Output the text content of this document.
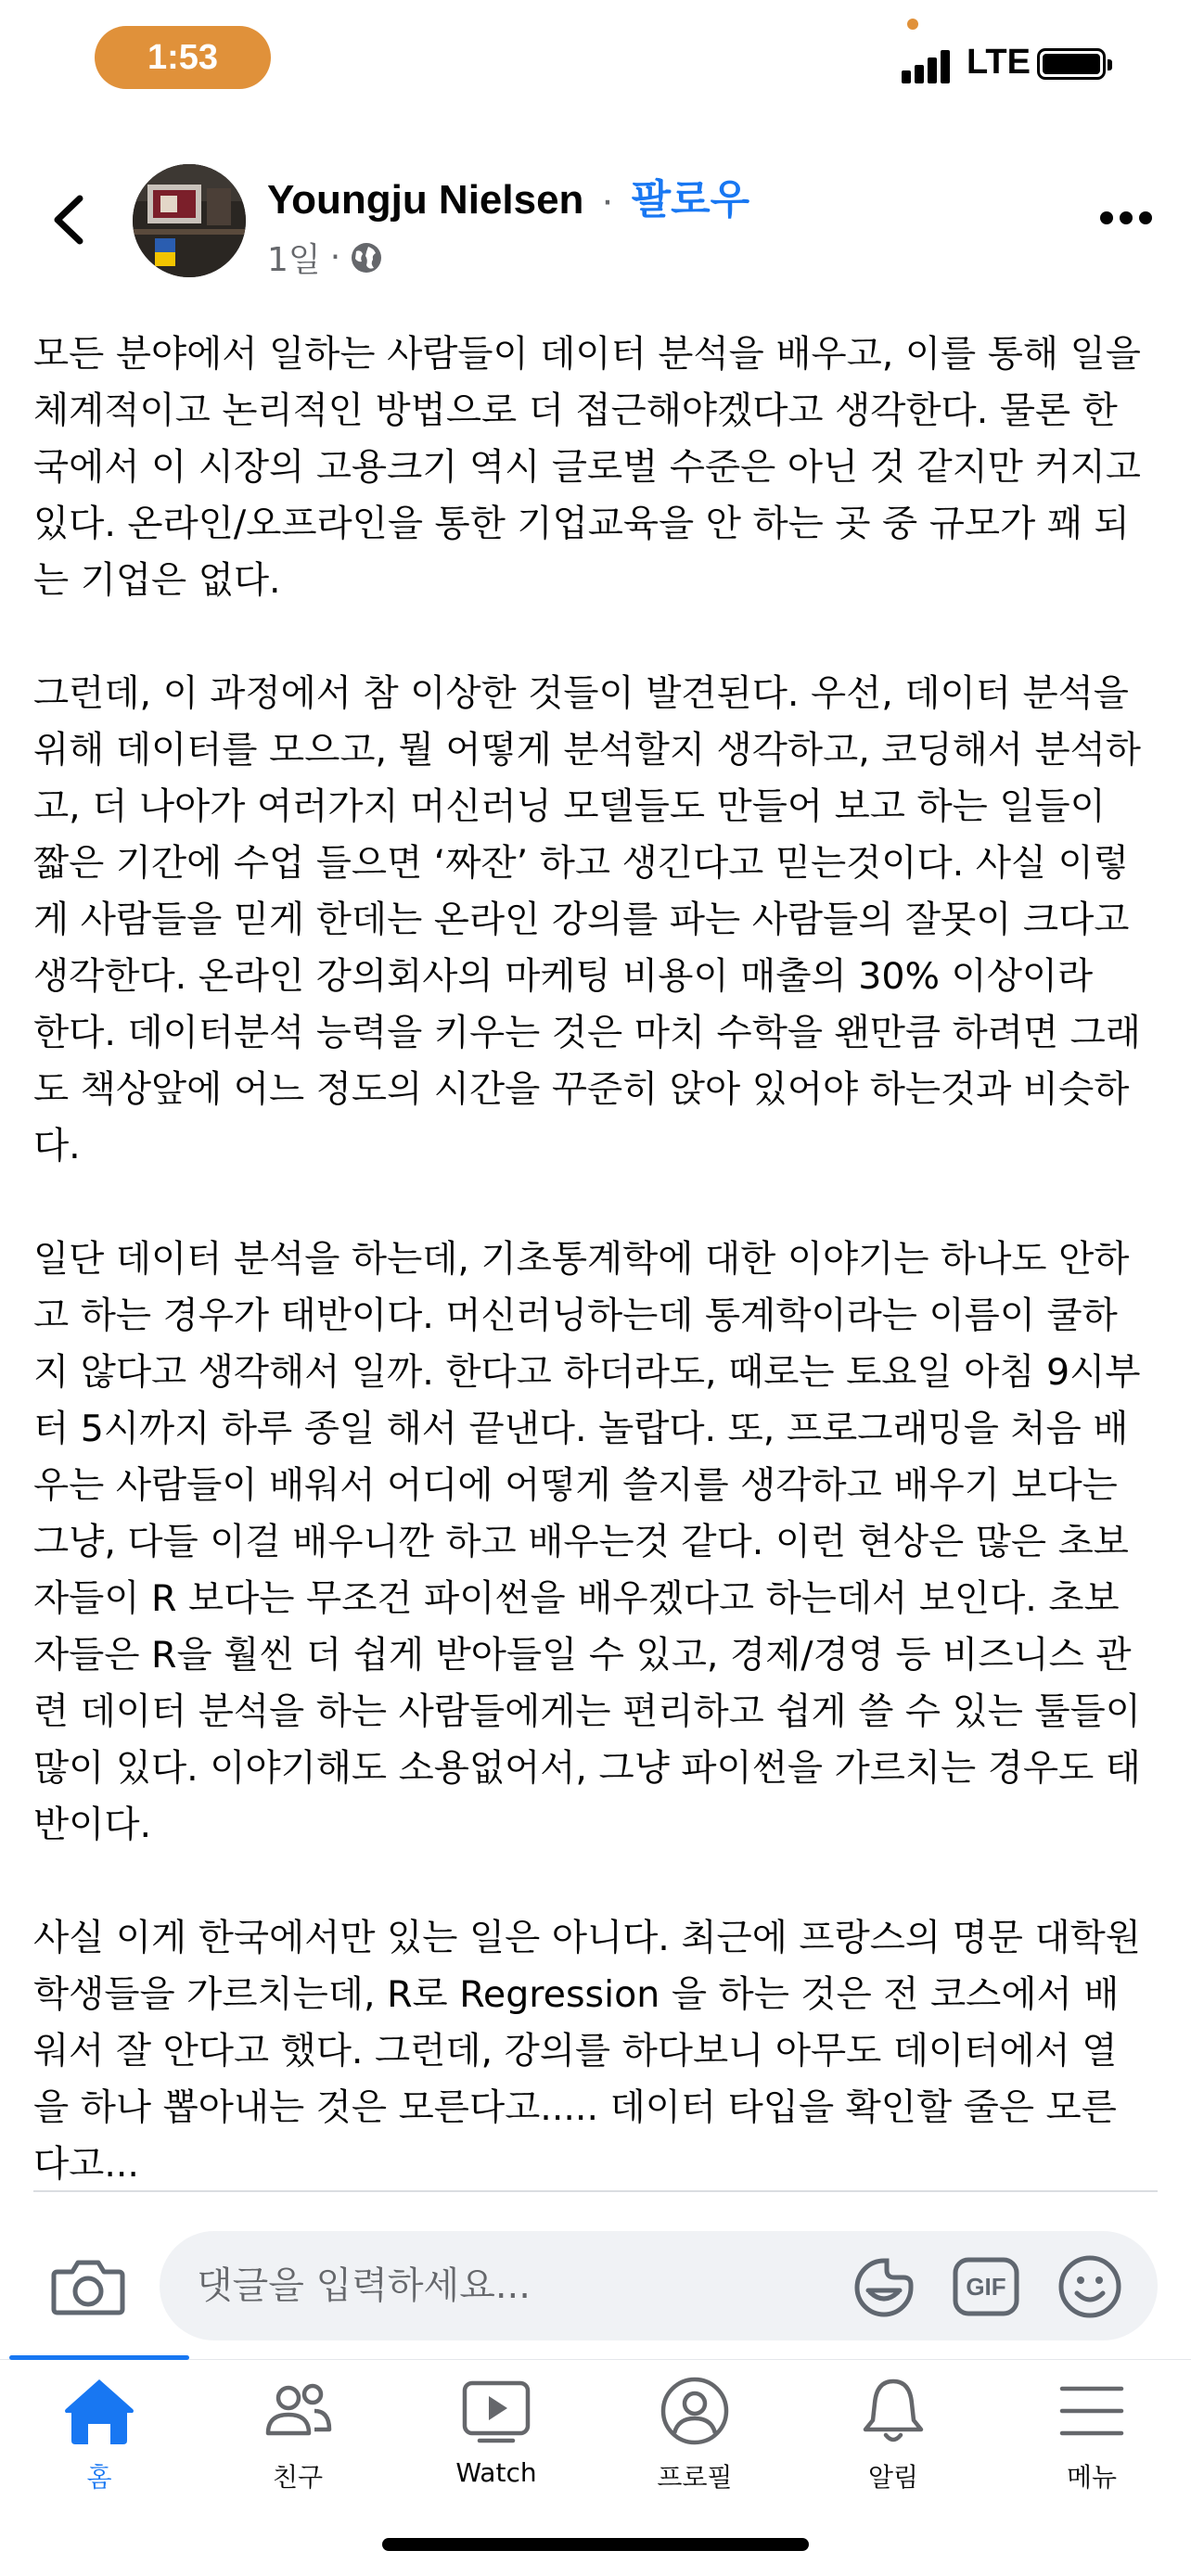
1:53	LTE
Youngju Nielsen · 팔로우
1일 ·

모든 분야에서 일하는 사람들이 데이터 분석을 배우고, 이를 통해 일을
체계적이고 논리적인 방법으로 더 접근해야겠다고 생각한다. 물론 한
국에서 이 시장의 고용크기 역시 글로벌 수준은 아닌 것 같지만 커지고
있다. 온라인/오프라인을 통한 기업교육을 안 하는 곳 중 규모가 꽤 되
는 기업은 없다.

그런데, 이 과정에서 참 이상한 것들이 발견된다. 우선, 데이터 분석을
위해 데이터를 모으고, 뭘 어떻게 분석할지 생각하고, 코딩해서 분석하
고, 더 나아가 여러가지 머신러닝 모델들도 만들어 보고 하는 일들이
짧은 기간에 수업 들으면 ‘짜잔’ 하고 생긴다고 믿는것이다. 사실 이렇
게 사람들을 믿게 한데는 온라인 강의를 파는 사람들의 잘못이 크다고
생각한다. 온라인 강의회사의 마케팅 비용이 매출의 30% 이상이라
한다. 데이터분석 능력을 키우는 것은 마치 수학을 왠만큼 하려면 그래
도 책상앞에 어느 정도의 시간을 꾸준히 앉아 있어야 하는것과 비슷하
다.

일단 데이터 분석을 하는데, 기초통계학에 대한 이야기는 하나도 안하
고 하는 경우가 태반이다. 머신러닝하는데 통계학이라는 이름이 쿨하
지 않다고 생각해서 일까. 한다고 하더라도, 때로는 토요일 아침 9시부
터 5시까지 하루 종일 해서 끝낸다. 놀랍다. 또, 프로그래밍을 처음 배
우는 사람들이 배워서 어디에 어떻게 쓸지를 생각하고 배우기 보다는
그냥, 다들 이걸 배우니깐 하고 배우는것 같다. 이런 현상은 많은 초보
자들이 R 보다는 무조건 파이썬을 배우겠다고 하는데서 보인다. 초보
자들은 R을 훨씬 더 쉽게 받아들일 수 있고, 경제/경영 등 비즈니스 관
련 데이터 분석을 하는 사람들에게는 편리하고 쉽게 쓸 수 있는 툴들이
많이 있다. 이야기해도 소용없어서, 그냥 파이썬을 가르치는 경우도 태
반이다.

사실 이게 한국에서만 있는 일은 아니다. 최근에 프랑스의 명문 대학원
학생들을 가르치는데, R로 Regression 을 하는 것은 전 코스에서 배
워서 잘 안다고 했다. 그런데, 강의를 하다보니 아무도 데이터에서 열
을 하나 뽑아내는 것은 모른다고..... 데이터 타입을 확인할 줄은 모른
다고...

댓글을 입력하세요...	GIF
홈	친구	Watch	프로필	알림	메뉴
